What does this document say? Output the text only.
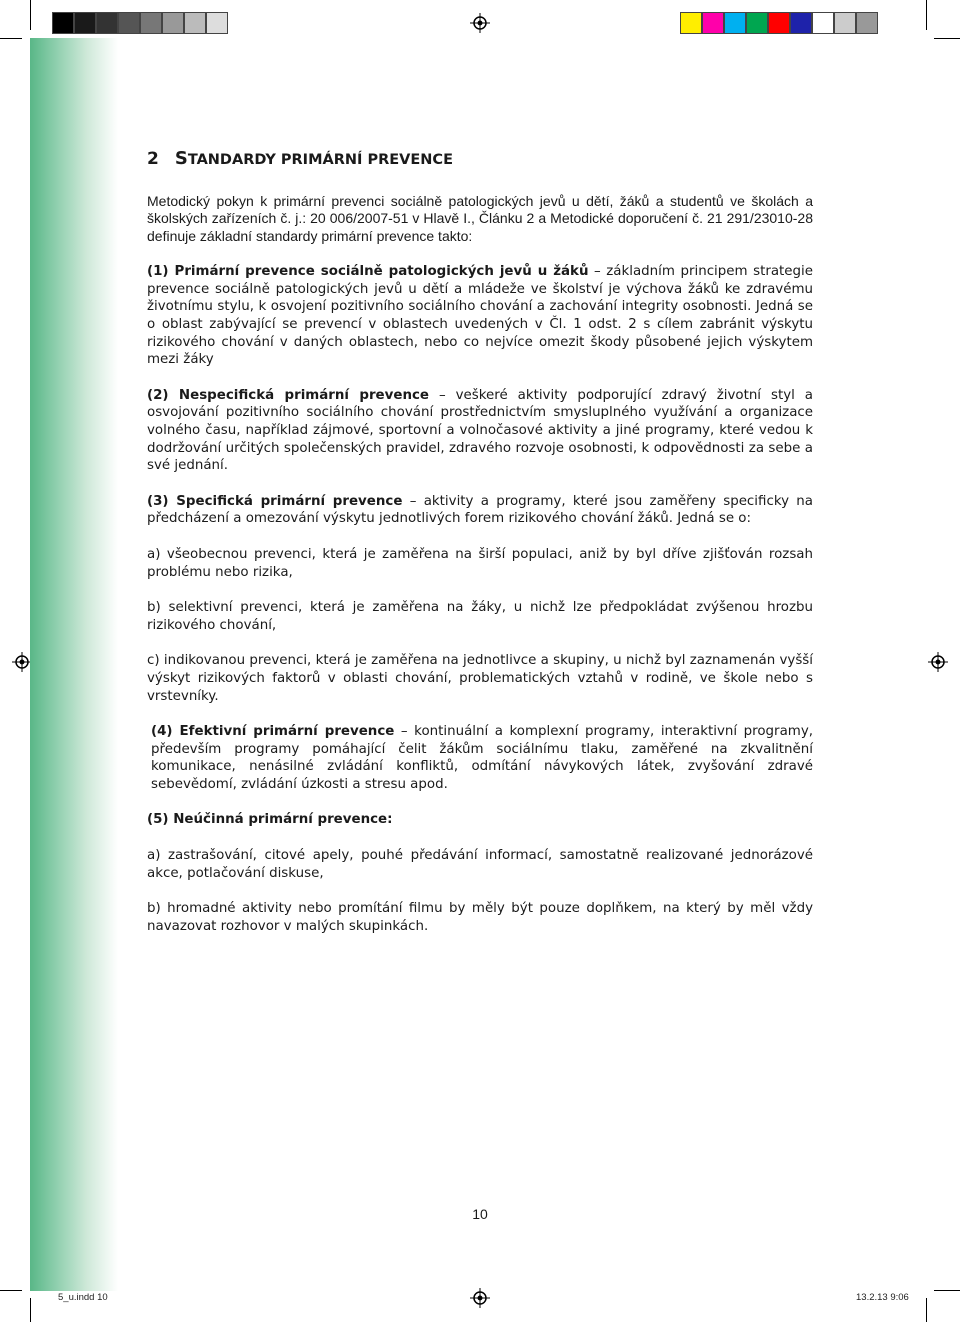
2 STANDARDY PRIMÁRNÍ PREVENCE

Metodický pokyn k primární prevenci sociálně patologických jevů u dětí, žáků a studentů ve školách a školských zařízeních č. j.: 20 006/2007-51 v Hlavě I., Článku 2 a Metodické doporučení č. 21 291/23010-28 definuje základní standardy primární prevence takto:

(1) Primární prevence sociálně patologických jevů u žáků – základním principem strategie prevence sociálně patologických jevů u dětí a mládeže ve školství je výchova žáků ke zdravému životnímu stylu, k osvojení pozitivního sociálního chování a zachování integrity osobnosti. Jedná se o oblast zabývající se prevencí v oblastech uvedených v Čl. 1 odst. 2 s cílem zabránit výskytu rizikového chování v daných oblastech, nebo co nejvíce omezit škody působené jejich výskytem mezi žáky

(2) Nespecifická primární prevence – veškeré aktivity podporující zdravý životní styl a osvojování pozitivního sociálního chování prostřednictvím smysluplného využívání a organizace volného času, například zájmové, sportovní a volnočasové aktivity a jiné programy, které vedou k dodržování určitých společenských pravidel, zdravého rozvoje osobnosti, k odpovědnosti za sebe a své jednání.

(3) Specifická primární prevence – aktivity a programy, které jsou zaměřeny specificky na předcházení a omezování výskytu jednotlivých forem rizikového chování žáků. Jedná se o:

a) všeobecnou prevenci, která je zaměřena na širší populaci, aniž by byl dříve zjišťován rozsah problému nebo rizika,

b) selektivní prevenci, která je zaměřena na žáky, u nichž lze předpokládat zvýšenou hrozbu rizikového chování,

c) indikovanou prevenci, která je zaměřena na jednotlivce a skupiny, u nichž byl zaznamenán vyšší výskyt rizikových faktorů v oblasti chování, problematických vztahů v rodině, ve škole nebo s vrstevníky.

(4) Efektivní primární prevence – kontinuální a komplexní programy, interaktivní programy, především programy pomáhající čelit žákům sociálnímu tlaku, zaměřené na zkvalitnění komunikace, nenásilné zvládání konfliktů, odmítání návykových látek, zvyšování zdravé sebevědomí, zvládání úzkosti a stresu apod.

(5) Neúčinná primární prevence:

a) zastrašování, citové apely, pouhé předávání informací, samostatně realizované jednorázové akce, potlačování diskuse,

b) hromadné aktivity nebo promítání filmu by měly být pouze doplňkem, na který by měl vždy navazovat rozhovor v malých skupinkách.

10
5_u.indd 10	13.2.13 9:06
